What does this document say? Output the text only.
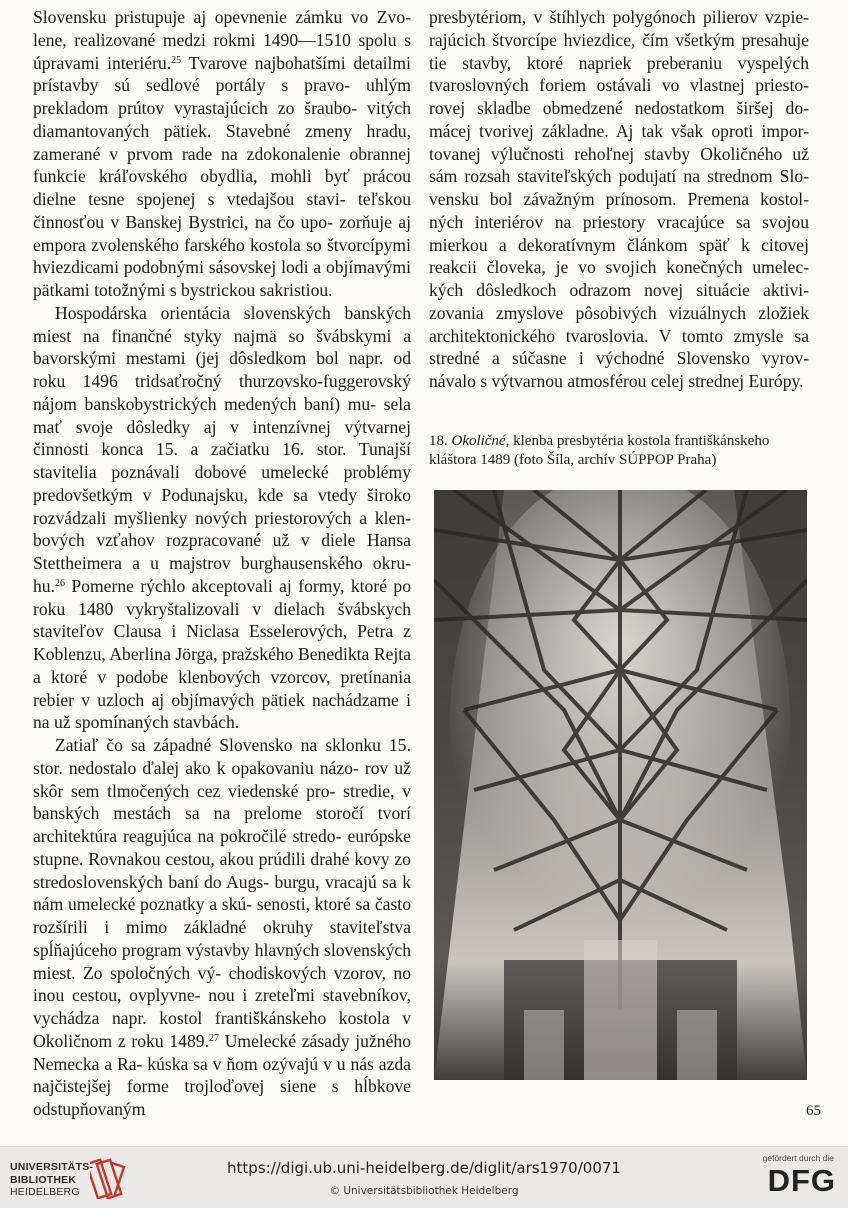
Slovensku pristupuje aj opevnenie zámku vo Zvo- lene, realizované medzi rokmi 1490—1510 spolu s úpravami interiéru.$^{25}$ Tvarove najbohatšími detailmi prístavby sú sedlové portály s pravo- uhlým prekladom prútov vyrastajúcich zo šraubo- vitých diamantovaných pätiek. Stavebné zmeny hradu, zamerané v prvom rade na zdokonalenie obrannej funkcie kráľovského obydlia, mohli byť prácou dielne tesne spojenej s vtedajšou stavi- teľskou činnosťou v Banskej Bystrici, na čo upo- zorňuje aj empora zvolenského farského kostola so štvorcípymi hviezdicami podobnými sásovskej lodi a objímavými pätkami totožnými s bystrickou sakristiou.

Hospodárska orientácia slovenských banských miest na finančné styky najmä so švábskymi a bavorskými mestami (jej dôsledkom bol napr. od roku 1496 tridsaťročný thurzovsko-fuggerovský nájom banskobystrických medených baní) mu- sela mať svoje dôsledky aj v intenzívnej výtvarnej činnosti konca 15. a začiatku 16. stor. Tunajší stavitelia poznávali dobové umelecké problémy predovšetkým v Podunajsku, kde sa vtedy široko rozvádzali myšlienky nových priestorových a klen- bových vzťahov rozpracované už v diele Hansa Stettheimera a u majstrov burghausenského okru- hu.$^{26}$ Pomerne rýchlo akceptovali aj formy, ktoré po roku 1480 vykryštalizovali v dielach švábskych staviteľov Clausa i Niclasa Esselerových, Petra z Koblenzu, Aberlina Jörga, pražského Benedikta Rejta a ktoré v podobe klenbových vzorcov, pretínania rebier v uzloch aj objímavých pätiek nachádzame i na už spomínaných stavbách.

Zatiaľ čo sa západné Slovensko na sklonku 15. stor. nedostalo ďalej ako k opakovaniu názo- rov už skôr sem tlmočených cez viedenské pro- stredie, v banských mestách sa na prelome storočí tvorí architektúra reagujúca na pokročilé stredo- európske stupne. Rovnakou cestou, akou prúdili drahé kovy zo stredoslovenských baní do Augs- burgu, vracajú sa k nám umelecké poznatky a skú- senosti, ktoré sa často rozšírili i mimo základné okruhy staviteľstva spĺňajúceho program výstavby hlavných slovenských miest. Zo spoločných vý- chodiskových vzorov, no inou cestou, ovplyvne- nou i zreteľmi stavebníkov, vychádza napr. kostol františkánskeho kostola v Okoličnom z roku 1489.27 Umelecké zásady južného Nemecka a Ra- kúska sa v ňom ozývajú v u nás azda najčistejšej forme trojloďovej siene s hĺbkove odstupňovaným

presbytériom, v štíhlych polygónoch pilierov vzpie- rajúcich štvorcípe hviezdice, čím všetkým presahuje tie stavby, ktoré napriek preberaniu vyspelých tvaroslovných foriem ostávali vo vlastnej priesto- rovej skladbe obmedzené nedostatkom širšej do- mácej tvorivej základne. Aj tak však oproti impor- tovanej výlučnosti rehoľnej stavby Okoličného už sám rozsah staviteľských podujatí na strednom Slo- vensku bol závažným prínosom. Premena kostol- ných interiérov na priestory vracajúce sa svojou mierkou a dekoratívnym článkom späť k citovej reakcii človeka, je vo svojich konečných umelec- kých dôsledkoch odrazom novej situácie aktivi- zovania zmyslove pôsobivých vizuálnych zložiek architektonického tvaroslovia. V tomto zmysle sa stredné a súčasne i východné Slovensko vyrov- návalo s výtvarnou atmosférou celej strednej Európy.

18. Okoličné, klenba presbytéria kostola františkánskeho
kláštora 1489 (foto Šíla, archív SÚPPOP Praha)
65
UNIVERSITÄTS-
BIBLIOTHEK
HEIDELBERG
https://digi.ub.uni-heidelberg.de/diglit/ars1970/0071
© Universitätsbibliothek Heidelberg
gefördert durch die
DFG
